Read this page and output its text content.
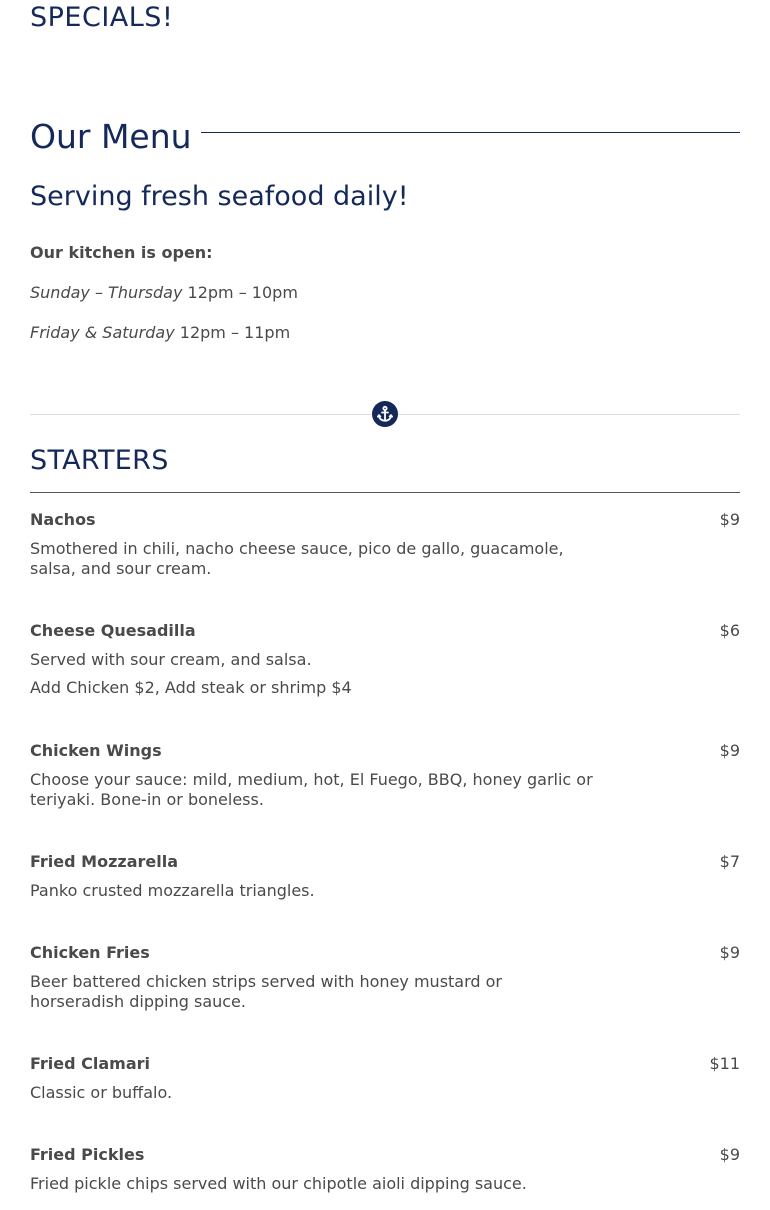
SPECIALS!
Our Menu
Serving fresh seafood daily!
Our kitchen is open:
Sunday – Thursday 12pm – 10pm
Friday & Saturday 12pm – 11pm
STARTERS
Nachos	$9

Smothered in chili, nacho cheese sauce, pico de gallo, guacamole, salsa, and sour cream.

Cheese Quesadilla	$6

Served with sour cream, and salsa.

Add Chicken $2, Add steak or shrimp $4

Chicken Wings	$9

Choose your sauce: mild, medium, hot, El Fuego, BBQ, honey garlic or teriyaki. Bone-in or boneless.

Fried Mozzarella	$7

Panko crusted mozzarella triangles.

Chicken Fries	$9

Beer battered chicken strips served with honey mustard or horseradish dipping sauce.

Fried Clamari	$11

Classic or buffalo.

Fried Pickles	$9

Fried pickle chips served with our chipotle aioli dipping sauce.
